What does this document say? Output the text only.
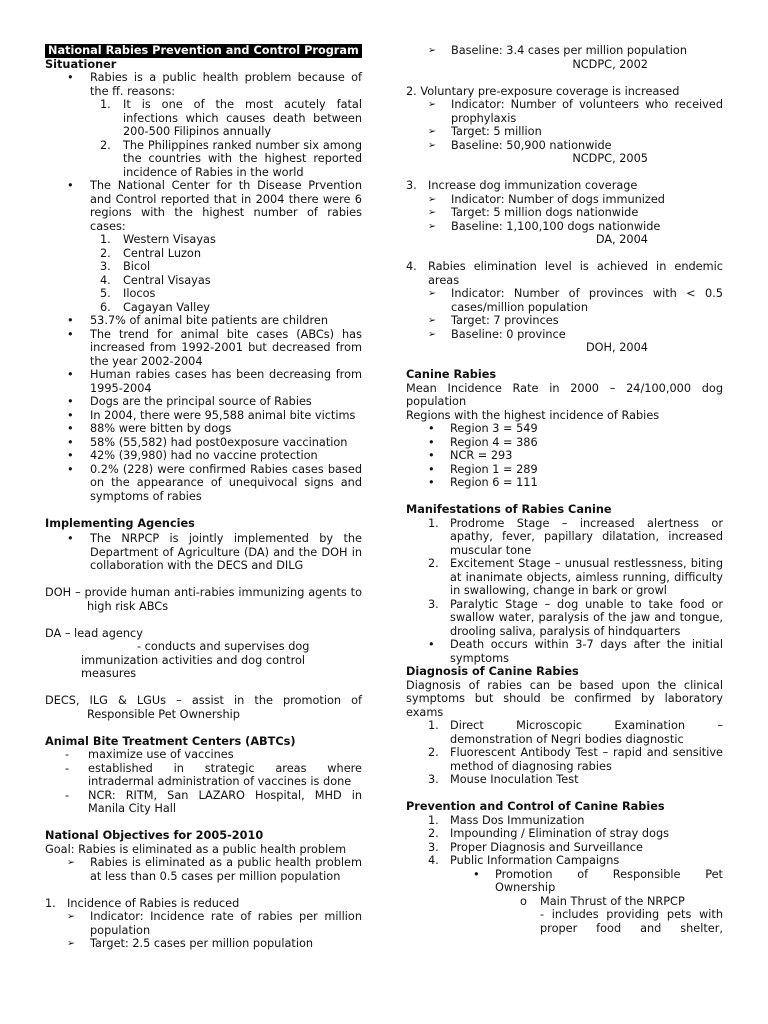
National Rabies Prevention and Control Program
Situationer
• Rabies is a public health problem because of the ff. reasons:
1. It is one of the most acutely fatal infections which causes death between 200-500 Filipinos annually
2. The Philippines ranked number six among the countries with the highest reported incidence of Rabies in the world
• The National Center for th Disease Prvention and Control reported that in 2004 there were 6 regions with the highest number of rabies cases:
1. Western Visayas
2. Central Luzon
3. Bicol
4. Central Visayas
5. Ilocos
6. Cagayan Valley
• 53.7% of animal bite patients are children
• The trend for animal bite cases (ABCs) has increased from 1992-2001 but decreased from the year 2002-2004
• Human rabies cases has been decreasing from 1995-2004
• Dogs are the principal source of Rabies
• In 2004, there were 95,588 animal bite victims
• 88% were bitten by dogs
• 58% (55,582) had post0exposure vaccination
• 42% (39,980) had no vaccine protection
• 0.2% (228) were confirmed Rabies cases based on the appearance of unequivocal signs and symptoms of rabies
Implementing Agencies
• The NRPCP is jointly implemented by the Department of Agriculture (DA) and the DOH in collaboration with the DECS and DILG
DOH – provide human anti-rabies immunizing agents to high risk ABCs
DA – lead agency
- conducts and supervises dog immunization activities and dog control measures
DECS, ILG & LGUs – assist in the promotion of Responsible Pet Ownership
Animal Bite Treatment Centers (ABTCs)
- maximize use of vaccines
- established in strategic areas where intradermal administration of vaccines is done
- NCR: RITM, San LAZARO Hospital, MHD in Manila City Hall
National Objectives for 2005-2010
Goal: Rabies is eliminated as a public health problem
➢ Rabies is eliminated as a public health problem at less than 0.5 cases per million population
1. Incidence of Rabies is reduced
➢ Indicator: Incidence rate of rabies per million population
➢ Target: 2.5 cases per million population
➢ Baseline: 3.4 cases per million population
NCDPC, 2002
2. Voluntary pre-exposure coverage is increased
➢ Indicator: Number of volunteers who received prophylaxis
➢ Target: 5 million
➢ Baseline: 50,900 nationwide
NCDPC, 2005
3. Increase dog immunization coverage
➢ Indicator: Number of dogs immunized
➢ Target: 5 million dogs nationwide
➢ Baseline: 1,100,100 dogs nationwide
DA, 2004
4. Rabies elimination level is achieved in endemic areas
➢ Indicator: Number of provinces with < 0.5 cases/million population
➢ Target: 7 provinces
➢ Baseline: 0 province
DOH, 2004
Canine Rabies
Mean Incidence Rate in 2000 – 24/100,000 dog population
Regions with the highest incidence of Rabies
• Region 3 = 549
• Region 4 = 386
• NCR = 293
• Region 1 = 289
• Region 6 = 111
Manifestations of Rabies Canine
1. Prodrome Stage – increased alertness or apathy, fever, papillary dilatation, increased muscular tone
2. Excitement Stage – unusual restlessness, biting at inanimate objects, aimless running, difficulty in swallowing, change in bark or growl
3. Paralytic Stage – dog unable to take food or swallow water, paralysis of the jaw and tongue, drooling saliva, paralysis of hindquarters
• Death occurs within 3-7 days after the initial symptoms
Diagnosis of Canine Rabies
Diagnosis of rabies can be based upon the clinical symptoms but should be confirmed by laboratory exams
1. Direct Microscopic Examination – demonstration of Negri bodies diagnostic
2. Fluorescent Antibody Test – rapid and sensitive method of diagnosing rabies
3. Mouse Inoculation Test
Prevention and Control of Canine Rabies
1. Mass Dos Immunization
2. Impounding / Elimination of stray dogs
3. Proper Diagnosis and Surveillance
4. Public Information Campaigns
• Promotion of Responsible Pet Ownership
o Main Thrust of the NRPCP
- includes providing pets with proper food and shelter,
